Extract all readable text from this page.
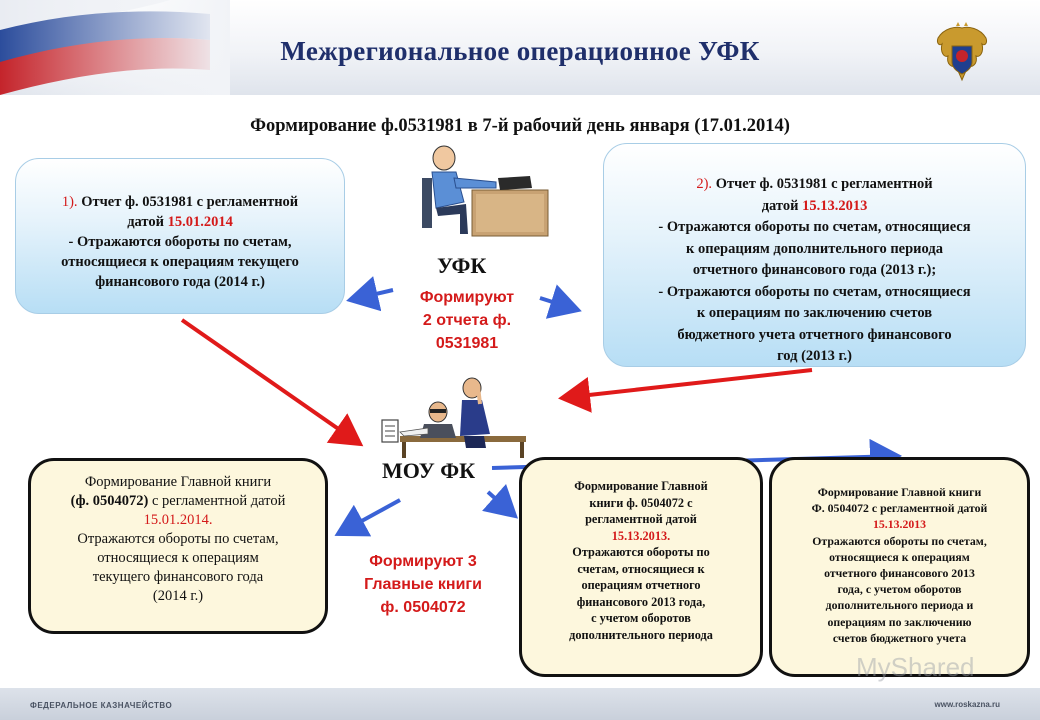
Межрегиональное операционное УФК
Формирование ф.0531981 в 7-й рабочий день января (17.01.2014)
УФК
Формируют
2 отчета ф.
0531981
МОУ ФК
Формируют 3
Главные книги
ф. 0504072
1). Отчет ф. 0531981 с регламентной
датой 15.01.2014
- Отражаются обороты по счетам,
относящиеся к операциям текущего
финансового года (2014 г.)
2). Отчет ф. 0531981 с регламентной
датой 15.13.2013
- Отражаются обороты по счетам, относящиеся
к операциям дополнительного периода
отчетного финансового года (2013 г.);
- Отражаются обороты по счетам, относящиеся
к операциям по заключению счетов
бюджетного учета отчетного финансового
год (2013 г.)
Формирование Главной книги
(ф. 0504072) с регламентной датой
15.01.2014.
Отражаются обороты по счетам,
относящиеся к операциям
текущего финансового года
(2014 г.)
Формирование Главной
книги ф. 0504072 с
регламентной датой
15.13.2013.
Отражаются обороты по
счетам, относящиеся к
операциям отчетного
финансового 2013 года,
с учетом оборотов
дополнительного периода
Формирование Главной книги
Ф. 0504072 с регламентной датой
15.13.2013
Отражаются обороты по счетам,
относящиеся к операциям
отчетного финансового 2013
года, с учетом оборотов
дополнительного периода и
операциям по заключению
счетов бюджетного учета
MyShared
ФЕДЕРАЛЬНОЕ КАЗНАЧЕЙСТВО	www.roskazna.ru
